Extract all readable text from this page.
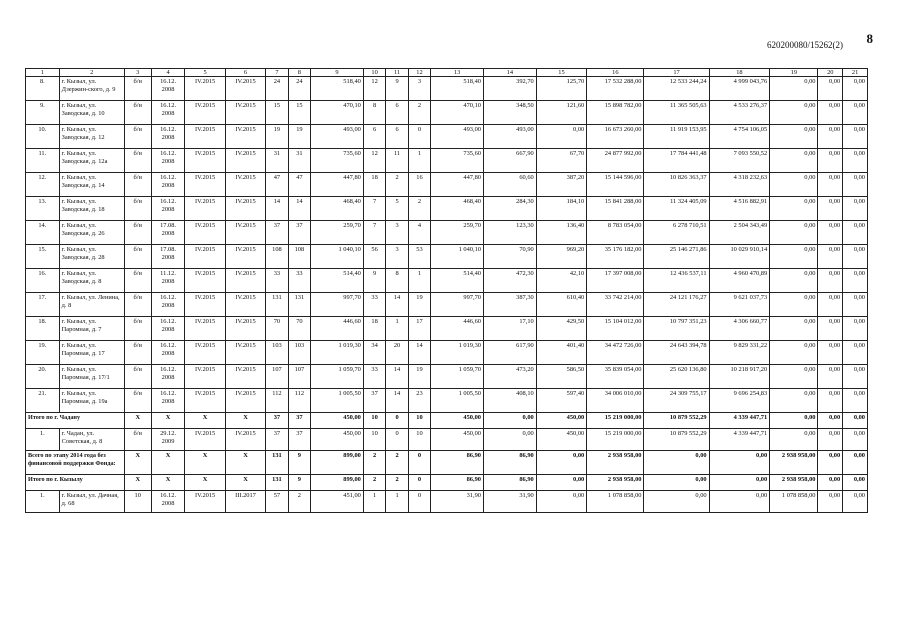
620200080/15262(2) 8
1	2	3	4	5	6	7	8	9	10	11	12	13	14	15	16	17	18	19	20	21
8.	г. Кызыл, ул. Дзержин-ского, д. 9	б/н	16.12. 2008	IV.2015	IV.2015	24	24	518,40	12	9	3	518,40	392,70	125,70	17 532 288,00	12 533 244,24	4 999 043,76	0,00	0,00	0,00
9.	г. Кызыл, ул. Заводская, д. 10	б/н	16.12. 2008	IV.2015	IV.2015	15	15	470,10	8	6	2	470,10	348,50	121,60	15 898 782,00	11 365 505,63	4 533 276,37	0,00	0,00	0,00
10.	г. Кызыл, ул. Заводская, д. 12	б/н	16.12. 2008	IV.2015	IV.2015	19	19	493,00	6	6	0	493,00	493,00	0,00	16 673 260,00	11 919 153,95	4 754 106,05	0,00	0,00	0,00
11.	г. Кызыл, ул. Заводская, д. 12а	б/н	16.12. 2008	IV.2015	IV.2015	31	31	735,60	12	11	1	735,60	667,90	67,70	24 877 992,00	17 784 441,48	7 093 550,52	0,00	0,00	0,00
12.	г. Кызыл, ул. Заводская, д. 14	б/н	16.12. 2008	IV.2015	IV.2015	47	47	447,80	18	2	16	447,80	60,60	387,20	15 144 596,00	10 826 363,37	4 318 232,63	0,00	0,00	0,00
13.	г. Кызыл, ул. Заводская, д. 18	б/н	16.12. 2008	IV.2015	IV.2015	14	14	468,40	7	5	2	468,40	284,30	184,10	15 841 288,00	11 324 405,09	4 516 882,91	0,00	0,00	0,00
14.	г. Кызыл, ул. Заводская, д. 26	б/н	17.08. 2008	IV.2015	IV.2015	37	37	259,70	7	3	4	259,70	123,30	136,40	8 783 054,00	6 278 710,51	2 504 343,49	0,00	0,00	0,00
15.	г. Кызыл, ул. Заводская, д. 28	б/н	17.08. 2008	IV.2015	IV.2015	108	108	1 040,10	56	3	53	1 040,10	70,90	969,20	35 176 182,00	25 146 271,86	10 029 910,14	0,00	0,00	0,00
16.	г. Кызыл, ул. Заводская, д. 8	б/н	11.12. 2008	IV.2015	IV.2015	33	33	514,40	9	8	1	514,40	472,30	42,10	17 397 008,00	12 436 537,11	4 960 470,89	0,00	0,00	0,00
17.	г. Кызыл, ул. Ленина, д. 8	б/н	16.12. 2008	IV.2015	IV.2015	131	131	997,70	33	14	19	997,70	387,30	610,40	33 742 214,00	24 121 176,27	9 621 037,73	0,00	0,00	0,00
18.	г. Кызыл, ул. Паромная, д. 7	б/н	16.12. 2008	IV.2015	IV.2015	70	70	446,60	18	1	17	446,60	17,10	429,50	15 104 012,00	10 797 351,23	4 306 660,77	0,00	0,00	0,00
19.	г. Кызыл, ул. Паромная, д. 17	б/н	16.12. 2008	IV.2015	IV.2015	103	103	1 019,30	34	20	14	1 019,30	617,90	401,40	34 472 726,00	24 643 394,78	9 829 331,22	0,00	0,00	0,00
20.	г. Кызыл, ул. Паромная, д. 17/1	б/н	16.12. 2008	IV.2015	IV.2015	107	107	1 059,70	33	14	19	1 059,70	473,20	586,50	35 839 054,00	25 620 136,80	10 218 917,20	0,00	0,00	0,00
21.	г. Кызыл, ул. Паромная, д. 19а	б/н	16.12. 2008	IV.2015	IV.2015	112	112	1 005,50	37	14	23	1 005,50	408,10	597,40	34 006 010,00	24 309 755,17	9 696 254,83	0,00	0,00	0,00
Итого по г. Чадану		X	X	X	X	37	37	450,00	10	0	10	450,00	0,00	450,00	15 219 000,00	10 879 552,29	4 339 447,71	0,00	0,00	0,00
1.	г. Чадан, ул. Советская, д. 8	б/н	29.12. 2009	IV.2015	IV.2015	37	37	450,00	10	0	10	450,00	0,00	450,00	15 219 000,00	10 879 552,29	4 339 447,71	0,00	0,00	0,00
Всего по этапу 2014 года без финансовой поддержки Фонда:		X	X	X	X	131	9	899,00	2	2	0	86,90	86,90	0,00	2 938 958,00	0,00	0,00	2 938 958,00	0,00	0,00
Итого по г. Кызылу		X	X	X	X	131	9	899,00	2	2	0	86,90	86,90	0,00	2 938 958,00	0,00	0,00	2 938 958,00	0,00	0,00
1.	г. Кызыл, ул. Дачная, д. 68	10	16.12. 2008	IV.2015	III.2017	57	2	451,00	1	1	0	31,90	31,90	0,00	1 078 858,00	0,00	0,00	1 078 858,00	0,00	0,00
